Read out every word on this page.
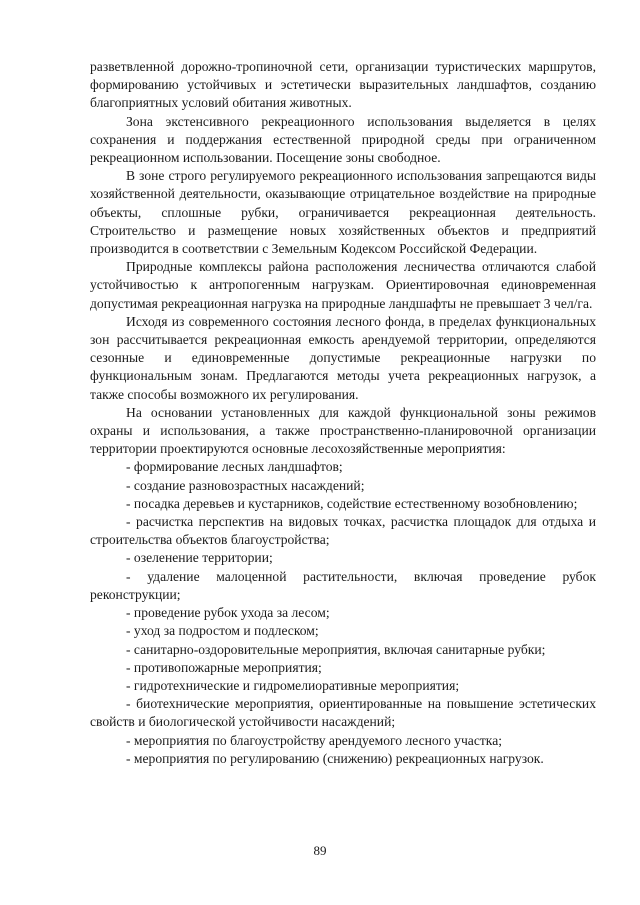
разветвленной дорожно-тропиночной сети, организации туристических маршрутов, формированию устойчивых и эстетически выразительных ландшафтов, созданию благоприятных условий обитания животных.

Зона экстенсивного рекреационного использования выделяется в целях сохранения и поддержания естественной природной среды при ограниченном рекреационном использовании. Посещение зоны свободное.

В зоне строго регулируемого рекреационного использования запрещаются виды хозяйственной деятельности, оказывающие отрицательное воздействие на природные объекты, сплошные рубки, ограничивается рекреационная деятельность. Строительство и размещение новых хозяйственных объектов и предприятий производится в соответствии с Земельным Кодексом Российской Федерации.

Природные комплексы района расположения лесничества отличаются слабой устойчивостью к антропогенным нагрузкам. Ориентировочная единовременная допустимая рекреационная нагрузка на природные ландшафты не превышает 3 чел/га.

Исходя из современного состояния лесного фонда, в пределах функциональных зон рассчитывается рекреационная емкость арендуемой территории, определяются сезонные и единовременные допустимые рекреационные нагрузки по функциональным зонам. Предлагаются методы учета рекреационных нагрузок, а также способы возможного их регулирования.

На основании установленных для каждой функциональной зоны режимов охраны и использования, а также пространственно-планировочной организации территории проектируются основные лесохозяйственные мероприятия:

- формирование лесных ландшафтов;

- создание разновозрастных насаждений;

- посадка деревьев и кустарников, содействие естественному возобновлению;

- расчистка перспектив на видовых точках, расчистка площадок для отдыха и строительства объектов благоустройства;

- озеленение территории;

- удаление малоценной растительности, включая проведение рубок реконструкции;

- проведение рубок ухода за лесом;

- уход за подростом и подлеском;

- санитарно-оздоровительные мероприятия, включая санитарные рубки;

- противопожарные мероприятия;

- гидротехнические и гидромелиоративные мероприятия;

- биотехнические мероприятия, ориентированные на повышение эстетических свойств и биологической устойчивости насаждений;

- мероприятия по благоустройству арендуемого лесного участка;

- мероприятия по регулированию (снижению) рекреационных нагрузок.

89
